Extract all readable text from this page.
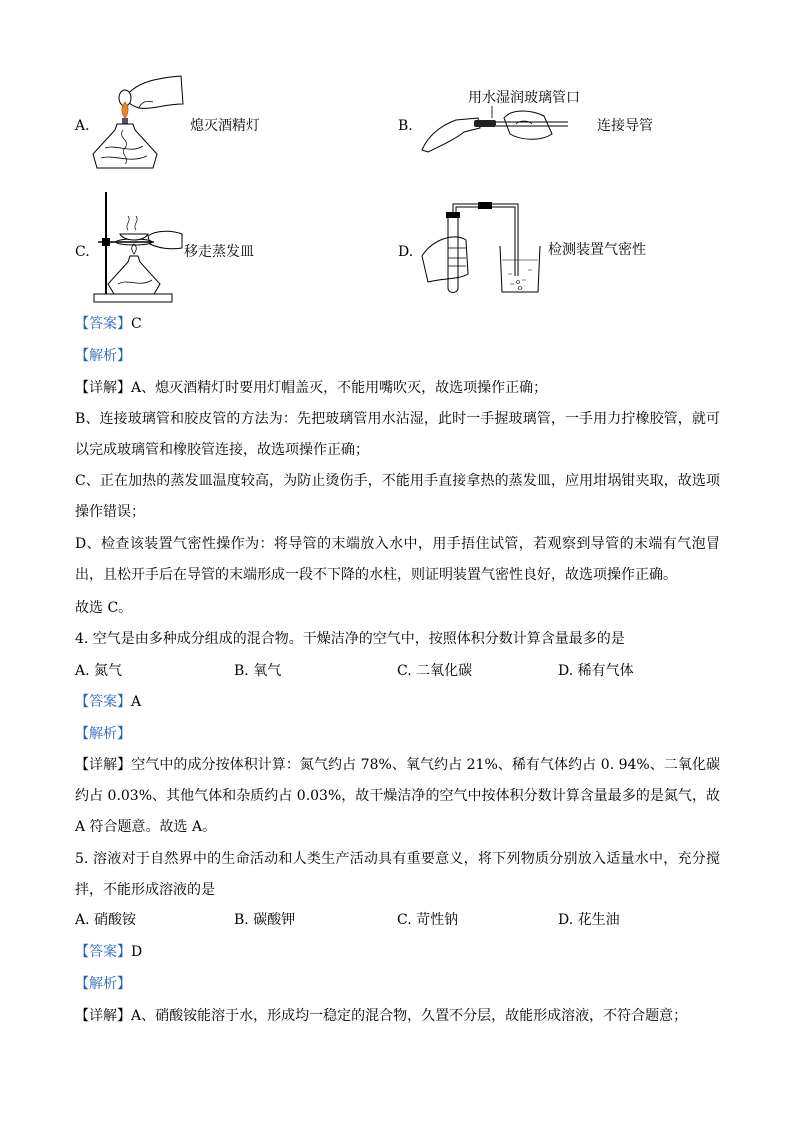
A.	熄灭酒精灯	B.
用水湿润玻璃管口
连接导管
C.	移走蒸发皿	D.	检测装置气密性
【答案】C
【解析】
【详解】A、熄灭酒精灯时要用灯帽盖灭，不能用嘴吹灭，故选项操作正确；
B、连接玻璃管和胶皮管的方法为：先把玻璃管用水沾湿，此时一手握玻璃管，一手用力拧橡胶管，就可以完成玻璃管和橡胶管连接，故选项操作正确；
C、正在加热的蒸发皿温度较高，为防止烫伤手，不能用手直接拿热的蒸发皿，应用坩埚钳夹取，故选项操作错误；
D、检查该装置气密性操作为：将导管的末端放入水中，用手捂住试管，若观察到导管的末端有气泡冒出，且松开手后在导管的末端形成一段不下降的水柱，则证明装置气密性良好，故选项操作正确。
故选 C。
4. 空气是由多种成分组成的混合物。干燥洁净的空气中，按照体积分数计算含量最多的是
A. 氮气	B. 氧气	C. 二氧化碳	D. 稀有气体
【答案】A
【解析】
【详解】空气中的成分按体积计算：氮气约占 78%、氧气约占 21%、稀有气体约占 0. 94%、二氧化碳约占 0.03%、其他气体和杂质约占 0.03%，故干燥洁净的空气中按体积分数计算含量最多的是氮气，故 A 符合题意。故选 A。
5. 溶液对于自然界中的生命活动和人类生产活动具有重要意义，将下列物质分别放入适量水中，充分搅拌，不能形成溶液的是
A. 硝酸铵	B. 碳酸钾	C. 苛性钠	D. 花生油
【答案】D
【解析】
【详解】A、硝酸铵能溶于水，形成均一稳定的混合物，久置不分层，故能形成溶液，不符合题意；
